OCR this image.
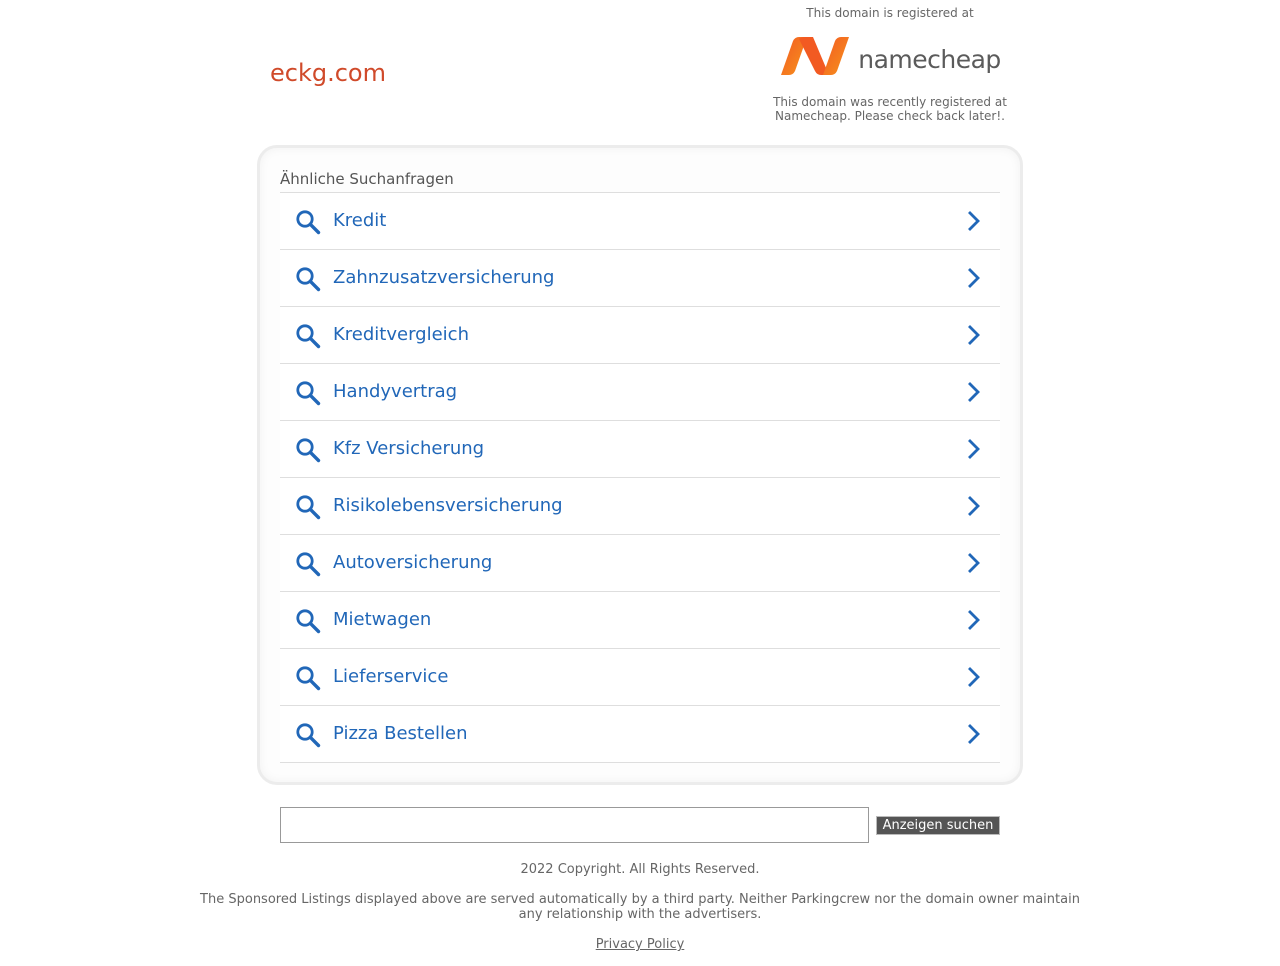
eckg.com
This domain is registered at
namecheap
This domain was recently registered at Namecheap. Please check back later!.
Ähnliche Suchanfragen
Kredit
Zahnzusatzversicherung
Kreditvergleich
Handyvertrag
Kfz Versicherung
Risikolebensversicherung
Autoversicherung
Mietwagen
Lieferservice
Pizza Bestellen
Anzeigen suchen
2022 Copyright. All Rights Reserved.
The Sponsored Listings displayed above are served automatically by a third party. Neither Parkingcrew nor the domain owner maintain any relationship with the advertisers.
Privacy Policy
